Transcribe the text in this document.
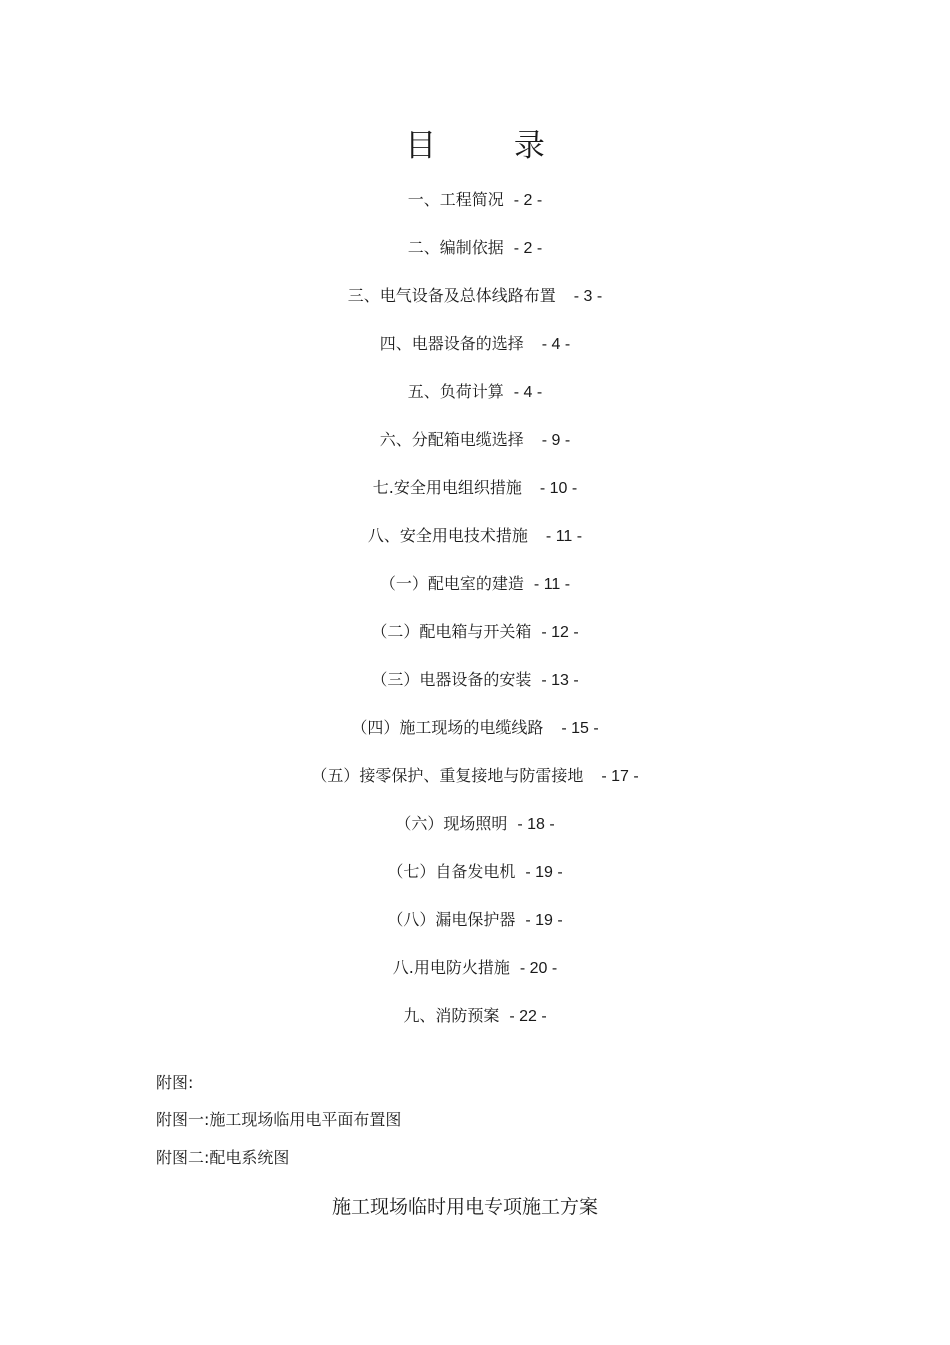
目 录
一、工程简况 - 2 -
二、编制依据 - 2 -
三、电气设备及总体线路布置 - 3 -
四、电器设备的选择 - 4 -
五、负荷计算 - 4 -
六、分配箱电缆选择 - 9 -
七.安全用电组织措施 - 10 -
八、安全用电技术措施 - 11 -
（一）配电室的建造 - 11 -
（二）配电箱与开关箱 - 12 -
（三）电器设备的安装 - 13 -
（四）施工现场的电缆线路 - 15 -
（五）接零保护、重复接地与防雷接地 - 17 -
（六）现场照明 - 18 -
（七）自备发电机 - 19 -
（八）漏电保护器 - 19 -
八.用电防火措施 - 20 -
九、消防预案 - 22 -
附图:
附图一:施工现场临用电平面布置图
附图二:配电系统图
施工现场临时用电专项施工方案
